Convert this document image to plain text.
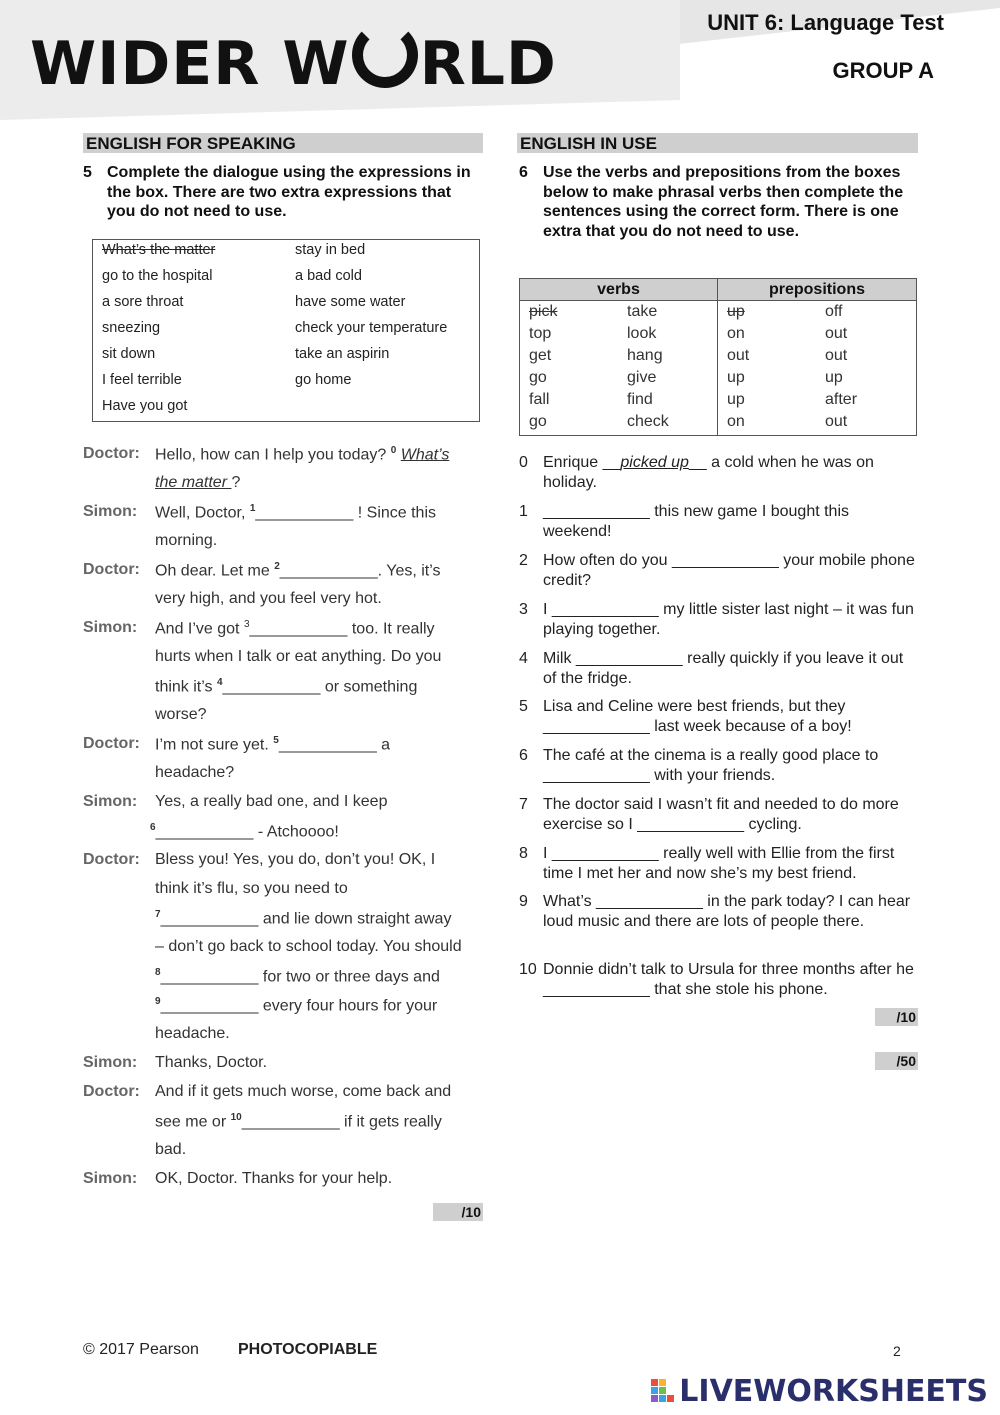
WIDER W RLD
UNIT 6: Language Test
GROUP A
ENGLISH FOR SPEAKING
5 Complete the dialogue using the expressions in the box. There are two extra expressions that you do not need to use.
What’s the matter
go to the hospital
a sore throat
sneezing
sit down
I feel terrible
Have you got
stay in bed
a bad cold
have some water
check your temperature
take an aspirin
go home
Doctor: Hello, how can I help you today? $^0$ What’s
the matter ?
Simon: Well, Doctor, $^1$___________ ! Since this
morning.
Doctor: Oh dear. Let me $^2$___________. Yes, it’s
very high, and you feel very hot.
Simon: And I’ve got $^3$___________ too. It really
hurts when I talk or eat anything. Do you
think it’s $^4$___________ or something
worse?
Doctor: I’m not sure yet. $^5$___________ a
headache?
Simon: Yes, a really bad one, and I keep
$^6$___________ - Atchoooo!
Doctor: Bless you! Yes, you do, don’t you! OK, I
think it’s flu, so you need to
$^7$___________ and lie down straight away
– don’t go back to school today. You should
$^8$___________ for two or three days and
$^9$___________ every four hours for your
headache.
Simon: Thanks, Doctor.
Doctor: And if it gets much worse, come back and
see me or $^{10}$___________ if it gets really
bad.
Simon: OK, Doctor. Thanks for your help.
/10
ENGLISH IN USE
6 Use the verbs and prepositions from the boxes below to make phrasal verbs then complete the sentences using the correct form. There is one extra that you do not need to use.
verbs	prepositions
pick
top
get
go
fall
go
take
look
hang
give
find
check
up
on
out
up
up
on
off
out
out
up
after
out
0 Enrique __picked up__ a cold when he was on holiday.
1 ____________ this new game I bought this weekend!
2 How often do you ____________ your mobile phone credit?
3 I ____________ my little sister last night – it was fun playing together.
4 Milk ____________ really quickly if you leave it out of the fridge.
5 Lisa and Celine were best friends, but they ____________ last week because of a boy!
6 The café at the cinema is a really good place to ____________ with your friends.
7 The doctor said I wasn’t fit and needed to do more exercise so I ____________ cycling.
8 I ____________ really well with Ellie from the first time I met her and now she’s my best friend.
9 What’s ____________ in the park today? I can hear loud music and there are lots of people there.
10 Donnie didn’t talk to Ursula for three months after he ____________ that she stole his phone.
/10
/50
© 2017 Pearson PHOTOCOPIABLE	2
LIVEWORKSHEETS
